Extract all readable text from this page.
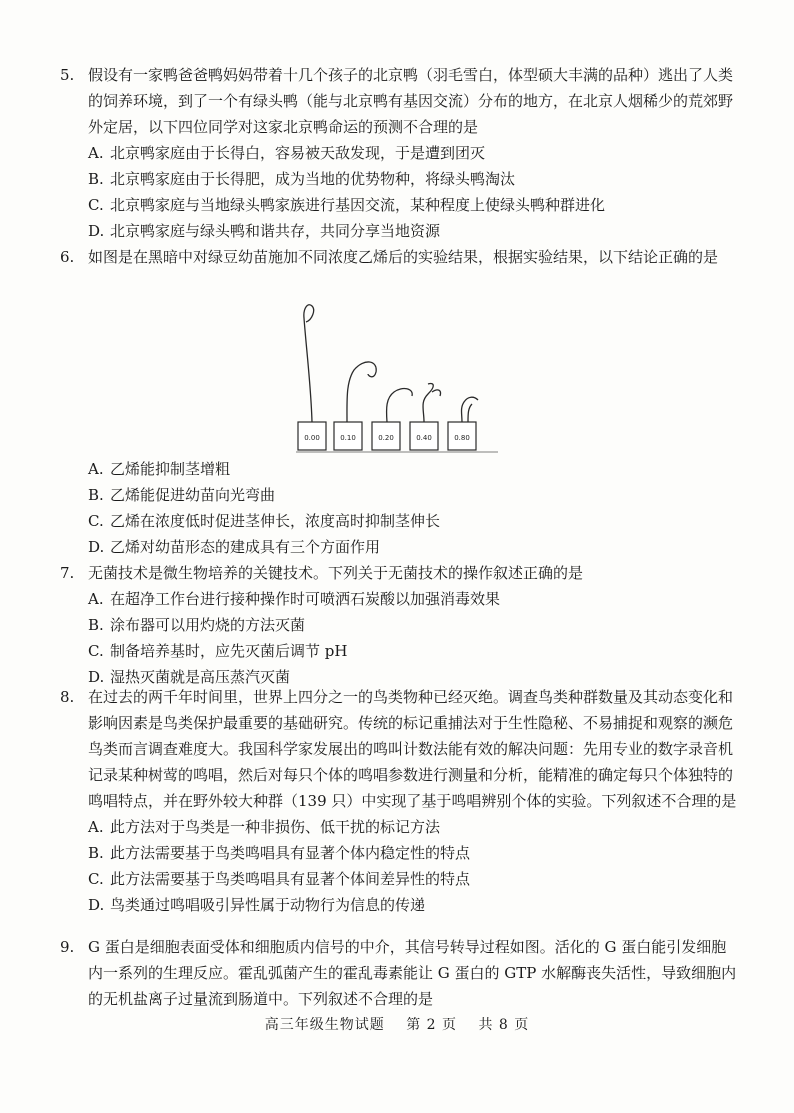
5. 假设有一家鸭爸爸鸭妈妈带着十几个孩子的北京鸭（羽毛雪白，体型硕大丰满的品种）逃出了人类的饲养环境，到了一个有绿头鸭（能与北京鸭有基因交流）分布的地方，在北京人烟稀少的荒郊野外定居，以下四位同学对这家北京鸭命运的预测不合理的是
A. 北京鸭家庭由于长得白，容易被天敌发现，于是遭到团灭
B. 北京鸭家庭由于长得肥，成为当地的优势物种，将绿头鸭淘汰
C. 北京鸭家庭与当地绿头鸭家族进行基因交流，某种程度上使绿头鸭种群进化
D. 北京鸭家庭与绿头鸭和谐共存，共同分享当地资源
6. 如图是在黑暗中对绿豆幼苗施加不同浓度乙烯后的实验结果，根据实验结果，以下结论正确的是
0.00	0.10	0.20	0.40	0.80
A. 乙烯能抑制茎增粗
B. 乙烯能促进幼苗向光弯曲
C. 乙烯在浓度低时促进茎伸长，浓度高时抑制茎伸长
D. 乙烯对幼苗形态的建成具有三个方面作用
7. 无菌技术是微生物培养的关键技术。下列关于无菌技术的操作叙述正确的是
A. 在超净工作台进行接种操作时可喷洒石炭酸以加强消毒效果
B. 涂布器可以用灼烧的方法灭菌
C. 制备培养基时，应先灭菌后调节 pH
D. 湿热灭菌就是高压蒸汽灭菌
8. 在过去的两千年时间里，世界上四分之一的鸟类物种已经灭绝。调查鸟类种群数量及其动态变化和影响因素是鸟类保护最重要的基础研究。传统的标记重捕法对于生性隐秘、不易捕捉和观察的濒危鸟类而言调查难度大。我国科学家发展出的鸣叫计数法能有效的解决问题：先用专业的数字录音机记录某种树莺的鸣唱，然后对每只个体的鸣唱参数进行测量和分析，能精准的确定每只个体独特的鸣唱特点，并在野外较大种群（139 只）中实现了基于鸣唱辨别个体的实验。下列叙述不合理的是
A. 此方法对于鸟类是一种非损伤、低干扰的标记方法
B. 此方法需要基于鸟类鸣唱具有显著个体内稳定性的特点
C. 此方法需要基于鸟类鸣唱具有显著个体间差异性的特点
D. 鸟类通过鸣唱吸引异性属于动物行为信息的传递
9. G 蛋白是细胞表面受体和细胞质内信号的中介，其信号转导过程如图。活化的 G 蛋白能引发细胞内一系列的生理反应。霍乱弧菌产生的霍乱毒素能让 G 蛋白的 GTP 水解酶丧失活性，导致细胞内的无机盐离子过量流到肠道中。下列叙述不合理的是
高三年级生物试题 第 2 页 共 8 页
